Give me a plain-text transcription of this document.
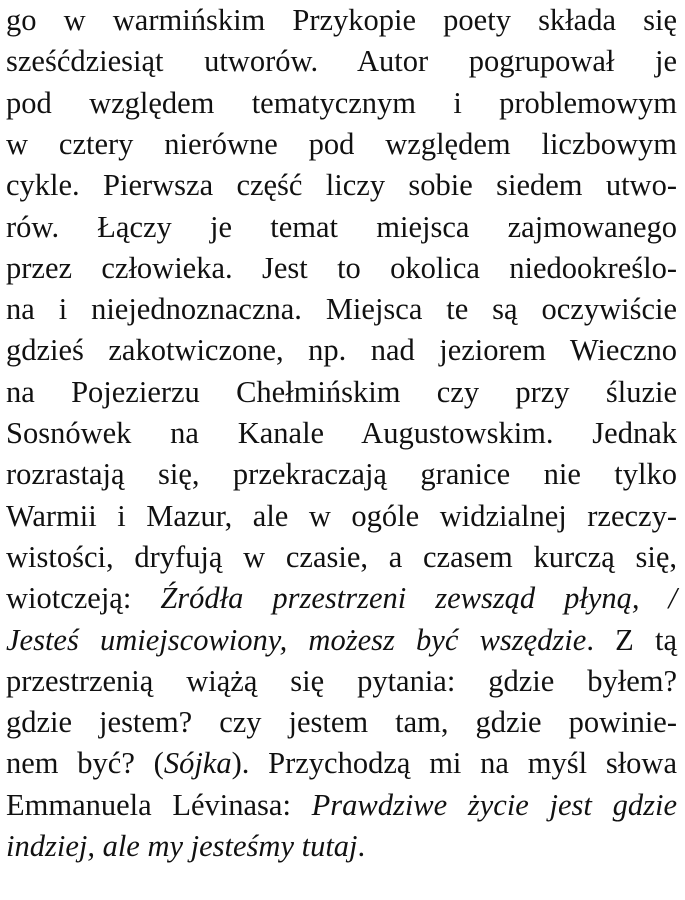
go w warmińskim Przykopie poety składa się
sześćdziesiąt utworów. Autor pogrupował je
pod względem tematycznym i problemowym
w cztery nierówne pod względem liczbowym
cykle. Pierwsza część liczy sobie siedem utwo-
rów. Łączy je temat miejsca zajmowanego
przez człowieka. Jest to okolica niedookreślo-
na i niejednoznaczna. Miejsca te są oczywiście
gdzieś zakotwiczone, np. nad jeziorem Wieczno
na Pojezierzu Chełmińskim czy przy śluzie
Sosnówek na Kanale Augustowskim. Jednak
rozrastają się, przekraczają granice nie tylko
Warmii i Mazur, ale w ogóle widzialnej rzeczy-
wistości, dryfują w czasie, a czasem kurczą się,
wiotczeją: Źródła przestrzeni zewsząd płyną, /
Jesteś umiejscowiony, możesz być wszędzie. Z tą
przestrzenią wiążą się pytania: gdzie byłem?
gdzie jestem? czy jestem tam, gdzie powinie-
nem być? (Sójka). Przychodzą mi na myśl słowa
Emmanuela Lévinasa: Prawdziwe życie jest gdzie
indziej, ale my jesteśmy tutaj.
